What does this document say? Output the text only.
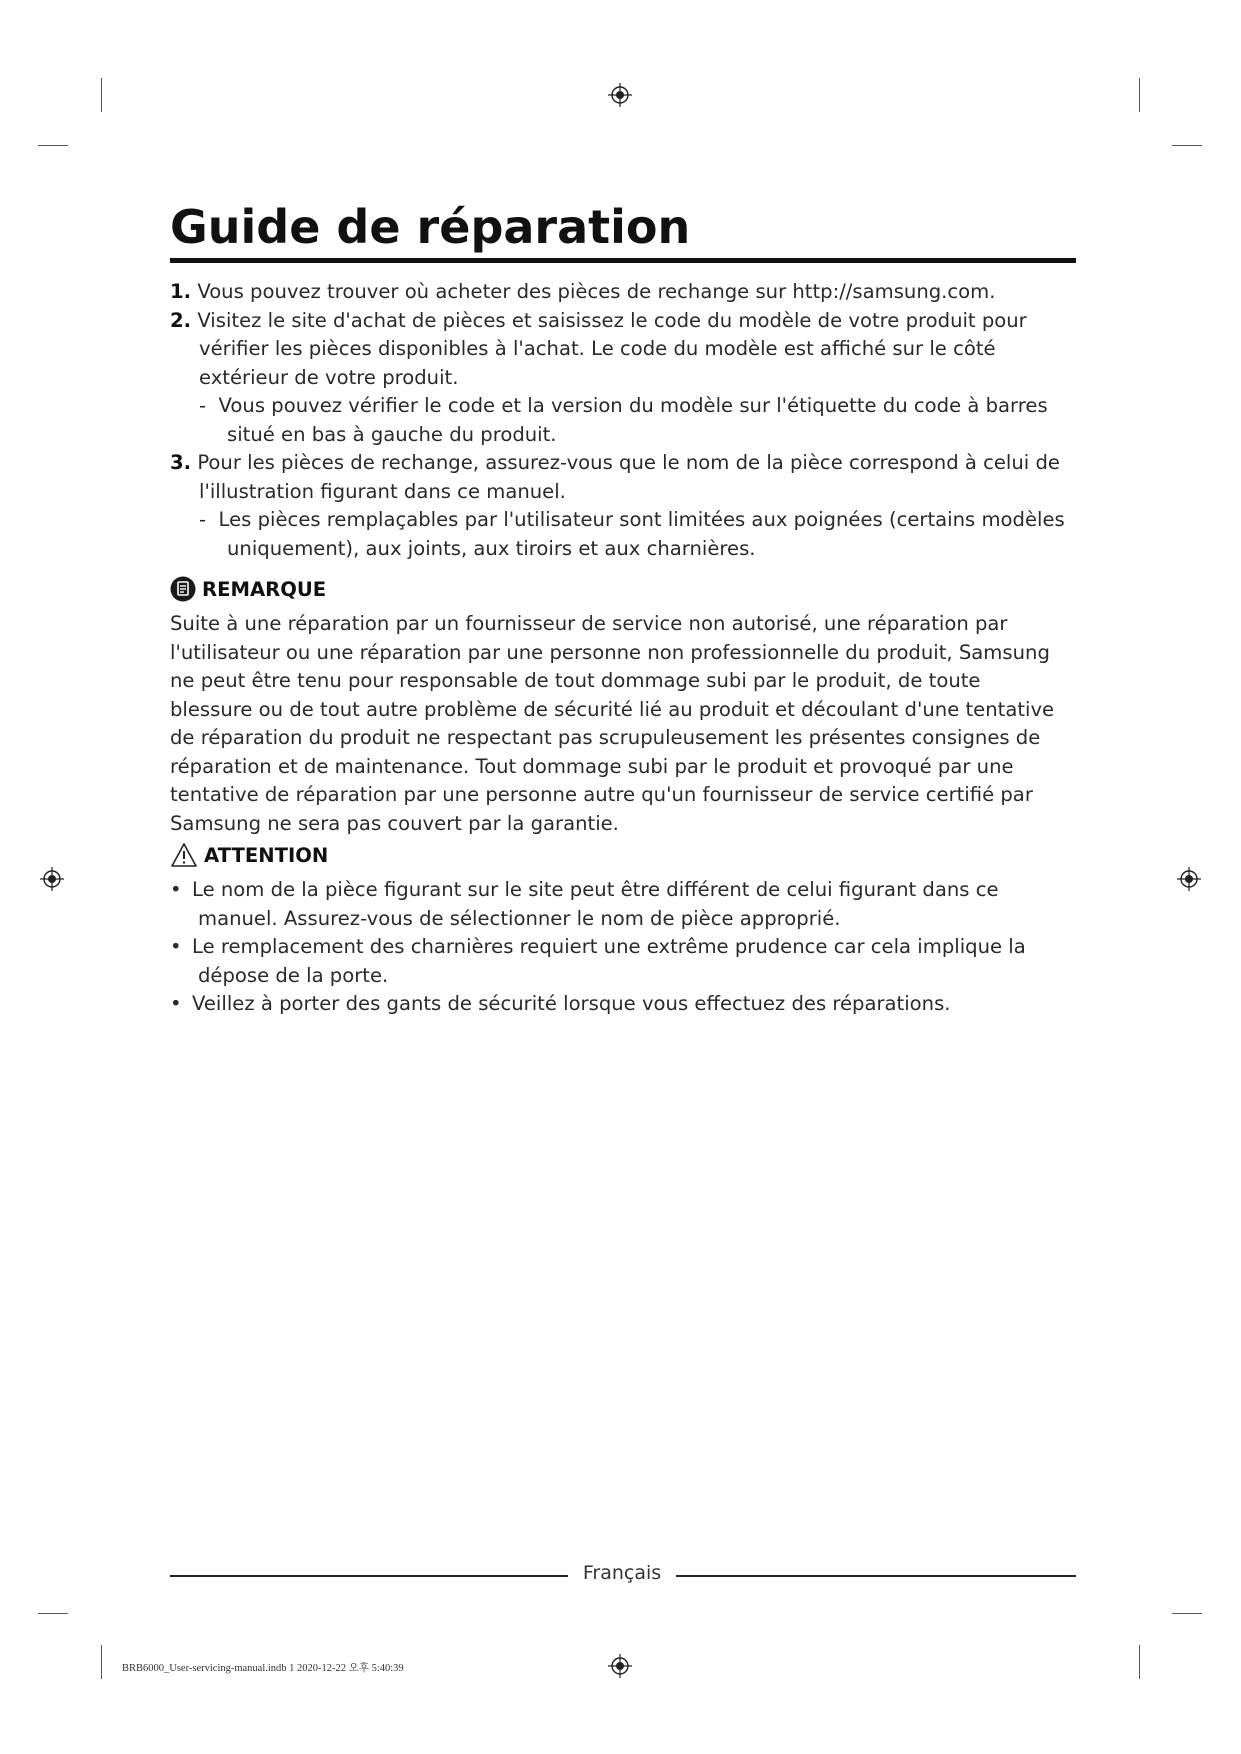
Guide de réparation
1. Vous pouvez trouver où acheter des pièces de rechange sur http://samsung.com.
2. Visitez le site d'achat de pièces et saisissez le code du modèle de votre produit pour
vérifier les pièces disponibles à l'achat. Le code du modèle est affiché sur le côté
extérieur de votre produit.
- Vous pouvez vérifier le code et la version du modèle sur l'étiquette du code à barres
situé en bas à gauche du produit.
3. Pour les pièces de rechange, assurez-vous que le nom de la pièce correspond à celui de
l'illustration figurant dans ce manuel.
- Les pièces remplaçables par l'utilisateur sont limitées aux poignées (certains modèles
uniquement), aux joints, aux tiroirs et aux charnières.
REMARQUE
Suite à une réparation par un fournisseur de service non autorisé, une réparation par
l'utilisateur ou une réparation par une personne non professionnelle du produit, Samsung
ne peut être tenu pour responsable de tout dommage subi par le produit, de toute
blessure ou de tout autre problème de sécurité lié au produit et découlant d'une tentative
de réparation du produit ne respectant pas scrupuleusement les présentes consignes de
réparation et de maintenance. Tout dommage subi par le produit et provoqué par une
tentative de réparation par une personne autre qu'un fournisseur de service certifié par
Samsung ne sera pas couvert par la garantie.
ATTENTION
• Le nom de la pièce figurant sur le site peut être différent de celui figurant dans ce
manuel. Assurez-vous de sélectionner le nom de pièce approprié.
• Le remplacement des charnières requiert une extrême prudence car cela implique la
dépose de la porte.
• Veillez à porter des gants de sécurité lorsque vous effectuez des réparations.
Français
BRB6000_User-servicing-manual.indb 1 2020-12-22 오후 5:40:39
